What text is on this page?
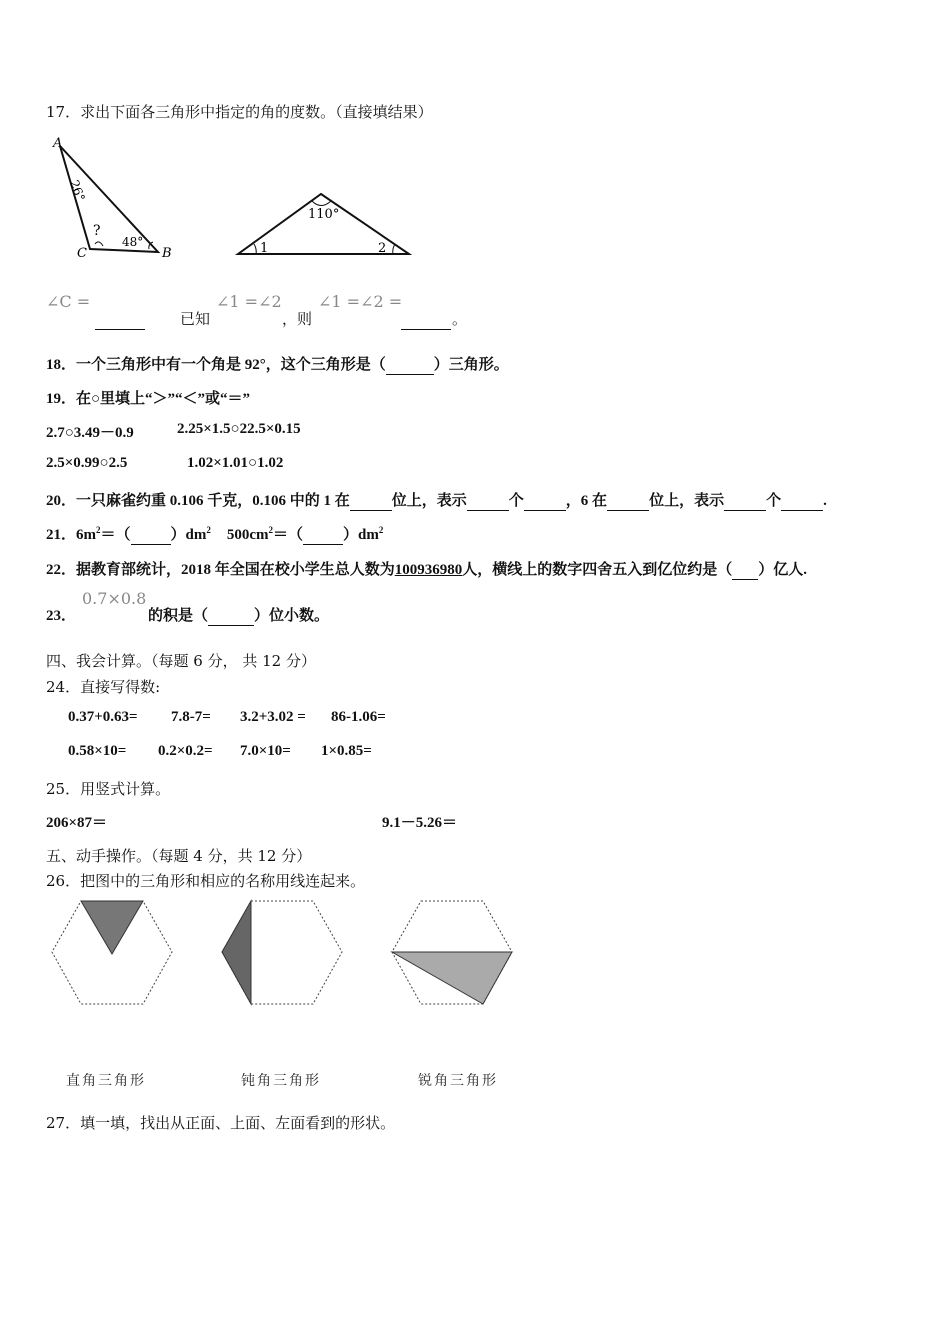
17．求出下面各三角形中指定的角的度数。（直接填结果）
A
C	B
26°
?
48°
110°
1	2
∠C =

已知
∠1 =∠2
，则
∠1 =∠2 =

。
18．一个三角形中有一个角是 92°，这个三角形是（	）三角形。
19．在○里填上“＞”“＜”或“＝”
2.7○3.49－0.9	2.25×1.5○22.5×0.15
2.5×0.99○2.5	1.02×1.01○1.02
20．一只麻雀约重 0.106 千克，0.106 中的 1 在	位上，表示	个	，6 在	位上，表示	个	.
21．$6m^2=$（	）$dm^2$ $500cm^2=$（	）$dm^2$
22．据教育部统计，2018 年全国在校小学生总人数为100936980人，横线上的数字四舍五入到亿位约是（ ）亿人.
23．
0.7×0.8
的积是（	）位小数。
四、我会计算。（每题 6 分， 共 12 分）
24．直接写得数:
0.37+0.63= 7.8-7= 3.2+3.02 = 86-1.06=
0.58×10= 0.2×0.2= 7.0×10= 1×0.85=
25．用竖式计算。
206×87＝	9.1－5.26＝
五、动手操作。（每题 4 分，共 12 分）
26．把图中的三角形和相应的名称用线连起来。
直角三角形	钝角三角形	锐角三角形
27．填一填，找出从正面、上面、左面看到的形状。
